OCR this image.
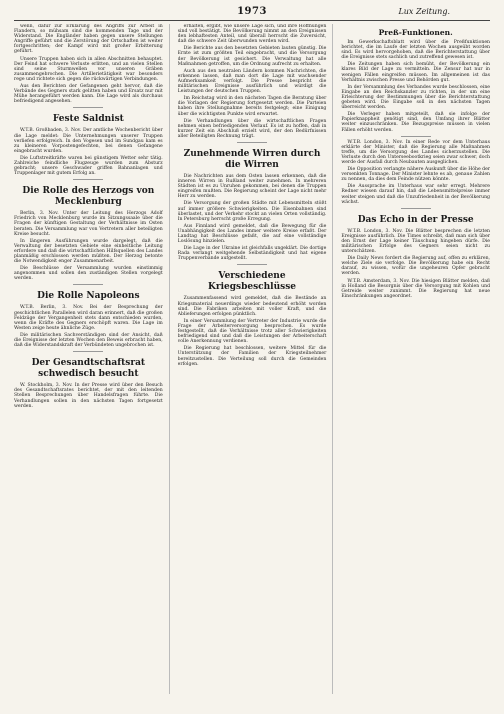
1973	Lux Zeitung.

wenn, dafür zur Erklärung des Angriffs zur Arbeit in Flandern, so mühsam sind die kommenden Tage und der Widerstand. Die Engländer haben gegen unsere Stellungen Angriffe geführt und die Zerstörung der Ortschaften ist weiter fortgeschritten; der Kampf wird mit großer Erbitterung geführt.

Unsere Truppen haben sich in allen Abschnitten behauptet. Der Feind hat schwere Verluste erlitten, und an vielen Stellen sind seine Sturmwellen vor unseren Gräben zusammengebrochen. Die Artillerietätigkeit war besonders rege und richtete sich gegen die rückwärtigen Verbindungen.

Aus den Berichten der Gefangenen geht hervor, daß die Verbände des Gegners stark gelitten haben und Ersatz nur mit Mühe herangeführt werden kann. Die Lage wird als durchaus befriedigend angesehen.

Feste Saldnist

W.T.B. Großbaden, 3. Nov. Der amtliche Wochenbericht über die Lage meldet: Die Unternehmungen unserer Truppen verliefen erfolgreich. In den Vogesen und im Sundgau kam es zu kleineren Vorpostengefechten, bei denen Gefangene eingebracht wurden.

Die Luftstreitkräfte waren bei günstigem Wetter sehr tätig. Zahlreiche feindliche Flugzeuge wurden zum Absturz gebracht; unsere Geschwader griffen Bahnanlagen und Truppenlager mit gutem Erfolg an.

Die Rolle des Herzogs von Mecklenburg

Berlin, 3. Nov. Unter der Leitung des Herzogs Adolf Friedrich von Mecklenburg wurde im Sitzungssaale über die Fragen der künftigen Gestaltung der Verhältnisse im Osten beraten. Die Versammlung war von Vertretern aller beteiligten Kreise besucht.

In längeren Ausführungen wurde dargelegt, daß die Verwaltung der besetzten Gebiete eine einheitliche Leitung erfordere und daß die wirtschaftlichen Hilfsquellen des Landes planmäßig erschlossen werden müßten. Der Herzog betonte die Notwendigkeit enger Zusammenarbeit.

Die Beschlüsse der Versammlung wurden einstimmig angenommen und sollen den zuständigen Stellen vorgelegt werden.

Die Rolle Napoleons

W.T.B. Berlin, 3. Nov. Bei der Besprechung der geschichtlichen Parallelen wird daran erinnert, daß die großen Feldzüge der Vergangenheit stets dann entschieden wurden, wenn die Kräfte des Gegners erschöpft waren. Die Lage im Westen zeige heute ähnliche Züge.

Die militärischen Sachverständigen sind der Ansicht, daß die Ereignisse der letzten Wochen den Beweis erbracht haben, daß die Widerstandskraft der Verbündeten ungebrochen ist.

Der Gesandtschaftsrat schwedisch besucht

W. Stockholm, 3. Nov. In der Presse wird über den Besuch des Gesandtschaftsrates berichtet, der mit den leitenden Stellen Besprechungen über Handelsfragen führte. Die Verhandlungen sollen in den nächsten Tagen fortgesetzt werden.

erhalten, ergibt, wie unsere Lage sich, und ihre Hoffnungen sind voll bestätigt. Die Bevölkerung nimmt an den Ereignissen den lebhaftesten Anteil, und überall herrscht die Zuversicht, daß die schwere Zeit überwunden werden wird.

Die Berichte aus den besetzten Gebieten lauten günstig. Die Ernte ist zum größten Teil eingebracht, und die Versorgung der Bevölkerung ist gesichert. Die Verwaltung hat alle Maßnahmen getroffen, um die Ordnung aufrecht zu erhalten.

Auch aus den neutralen Ländern kommen Nachrichten, die erkennen lassen, daß man dort die Lage mit wachsender Aufmerksamkeit verfolgt. Die Presse bespricht die militärischen Ereignisse ausführlich und würdigt die Leistungen der deutschen Truppen.

Im Reichstag wird in den nächsten Tagen die Beratung über die Vorlagen der Regierung fortgesetzt werden. Die Parteien haben ihre Stellungnahme bereits festgelegt; eine Einigung über die wichtigsten Punkte wird erwartet.

Die Verhandlungen über die wirtschaftlichen Fragen nehmen einen befriedigenden Verlauf. Es ist zu hoffen, daß in kurzer Zeit ein Abschluß erzielt wird, der den Bedürfnissen aller Beteiligten Rechnung trägt.

Zunehmende Wirren durch die Wirren

Die Nachrichten aus dem Osten lassen erkennen, daß die inneren Wirren in Rußland weiter zunehmen. In mehreren Städten ist es zu Unruhen gekommen, bei denen die Truppen eingreifen mußten. Die Regierung scheint der Lage nicht mehr Herr zu werden.

Die Versorgung der großen Städte mit Lebensmitteln stößt auf immer größere Schwierigkeiten. Die Eisenbahnen sind überlastet, und der Verkehr stockt an vielen Orten vollständig. In Petersburg herrscht große Erregung.

Aus Finnland wird gemeldet, daß die Bewegung für die Unabhängigkeit des Landes immer weitere Kreise erfaßt. Der Landtag hat Beschlüsse gefaßt, die auf eine vollständige Loslösung hinzielen.

Die Lage in der Ukraine ist gleichfalls ungeklärt. Die dortige Rada verlangt weitgehende Selbständigkeit und hat eigene Truppenverbände aufgestellt.

Verschiedene Kriegsbeschlüsse

Zusammenfassend wird gemeldet, daß die Bestände an Kriegsmaterial neuerdings wieder bedeutend erhöht worden sind. Die Fabriken arbeiten mit voller Kraft, und die Ablieferungen erfolgen pünktlich.

In einer Versammlung der Vertreter der Industrie wurde die Frage der Arbeiterversorgung besprochen. Es wurde festgestellt, daß die Verhältnisse trotz aller Schwierigkeiten befriedigend sind und daß die Leistungen der Arbeiterschaft volle Anerkennung verdienen.

Die Regierung hat beschlossen, weitere Mittel für die Unterstützung der Familien der Kriegsteilnehmer bereitzustellen. Die Verteilung soll durch die Gemeinden erfolgen.

Preß-Funktionen.

Im Gewerkschaftsblatt wird über die Preßfunktionen berichtet, die im Laufe der letzten Wochen ausgeübt worden sind. Es wird hervorgehoben, daß die Berichterstattung über die Ereignisse stets sachlich und zutreffend gewesen ist.

Die Zeitungen haben sich bemüht, der Bevölkerung ein klares Bild der Lage zu vermitteln. Die Zensur hat nur in wenigen Fällen eingreifen müssen. Im allgemeinen ist das Verhältnis zwischen Presse und Behörden gut.

In der Versammlung des Verbandes wurde beschlossen, eine Eingabe an den Reichskanzler zu richten, in der um eine Erleichterung der Bestimmungen über die Berichterstattung gebeten wird. Die Eingabe soll in den nächsten Tagen überreicht werden.

Die Verleger haben mitgeteilt, daß sie infolge der Papierknappheit genötigt sind, den Umfang ihrer Blätter weiter einzuschränken. Die Bezugspreise müssen in vielen Fällen erhöht werden.

W.T.B. London, 3. Nov. In einer Rede vor dem Unterhaus erklärte der Minister, daß die Regierung alle Maßnahmen treffe, um die Versorgung des Landes sicherzustellen. Die Verluste durch den Unterseebootkrieg seien zwar schwer, doch werde der Ausfall durch Neubauten ausgeglichen.

Die Opposition verlangte nähere Auskunft über die Höhe der versenkten Tonnage. Der Minister lehnte es ab, genaue Zahlen zu nennen, da dies dem Feinde nützen könnte.

Die Aussprache im Unterhaus war sehr erregt. Mehrere Redner wiesen darauf hin, daß die Lebensmittelpreise immer weiter steigen und daß die Unzufriedenheit in der Bevölkerung wächst.

Das Echo in der Presse

W.T.B. London, 3. Nov. Die Blätter besprechen die letzten Ereignisse ausführlich. Die Times schreibt, daß man sich über den Ernst der Lage keiner Täuschung hingeben dürfe. Die militärischen Erfolge des Gegners seien nicht zu unterschätzen.

Die Daily News fordert die Regierung auf, offen zu erklären, welche Ziele sie verfolge. Die Bevölkerung habe ein Recht darauf, zu wissen, wofür die ungeheuren Opfer gebracht werden.

W.T.B. Amsterdam, 3. Nov. Die hiesigen Blätter melden, daß in Holland die Besorgnis über die Versorgung mit Kohlen und Getreide weiter zunimmt. Die Regierung hat neue Einschränkungen angeordnet.
